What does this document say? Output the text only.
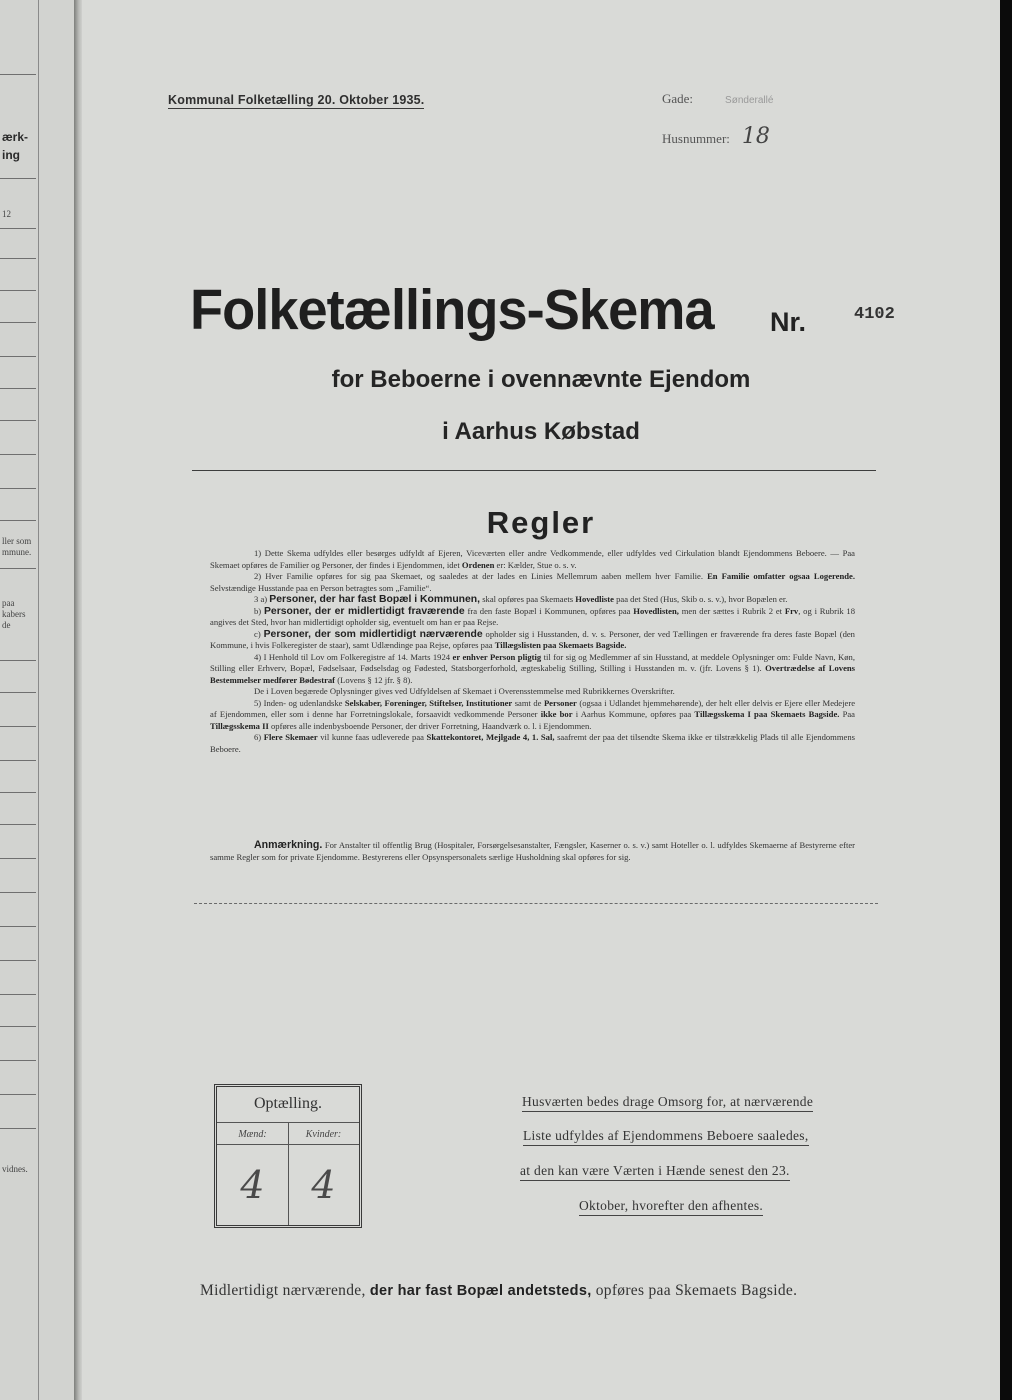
ærk-
ing
12
ller som
mmune.
paa
kabers
de
vidnes.
Kommunal Folketælling 20. Oktober 1935.	Gade:	Sønderallé
Husnummer: 18
Folketællings-Skema Nr.	4102
for Beboerne i ovennævnte Ejendom
i Aarhus Købstad
Regler

1) Dette Skema udfyldes eller besørges udfyldt af Ejeren, Viceværten eller andre Vedkommende, eller udfyldes ved Cirkulation blandt Ejendommens Beboere. — Paa Skemaet opføres de Familier og Personer, der findes i Ejendommen, idet Ordenen er: Kælder, Stue o. s. v.

2) Hver Familie opføres for sig paa Skemaet, og saaledes at der lades en Linies Mellemrum aaben mellem hver Familie. En Familie omfatter ogsaa Logerende. Selvstændige Husstande paa en Person betragtes som „Familie“.

3 a) Personer, der har fast Bopæl i Kommunen, skal opføres paa Skemaets Hovedliste paa det Sted (Hus, Skib o. s. v.), hvor Bopælen er.

b) Personer, der er midlertidigt fraværende fra den faste Bopæl i Kommunen, opføres paa Hovedlisten, men der sættes i Rubrik 2 et Frv, og i Rubrik 18 angives det Sted, hvor han midlertidigt opholder sig, eventuelt om han er paa Rejse.

c) Personer, der som midlertidigt nærværende opholder sig i Husstanden, d. v. s. Personer, der ved Tællingen er fraværende fra deres faste Bopæl (den Kommune, i hvis Folkeregister de staar), samt Udlændinge paa Rejse, opføres paa Tillægslisten paa Skemaets Bagside.

4) I Henhold til Lov om Folkeregistre af 14. Marts 1924 er enhver Person pligtig til for sig og Medlemmer af sin Husstand, at meddele Oplysninger om: Fulde Navn, Køn, Stilling eller Erhverv, Bopæl, Fødselsaar, Fødselsdag og Fødested, Statsborgerforhold, ægteskabelig Stilling, Stilling i Husstanden m. v. (jfr. Lovens § 1). Overtrædelse af Lovens Bestemmelser medfører Bødestraf (Lovens § 12 jfr. § 8).

De i Loven begærede Oplysninger gives ved Udfyldelsen af Skemaet i Overensstemmelse med Rubrikkernes Overskrifter.

5) Inden- og udenlandske Selskaber, Foreninger, Stiftelser, Institutioner samt de Personer (ogsaa i Udlandet hjemmehørende), der helt eller delvis er Ejere eller Medejere af Ejendommen, eller som i denne har Forretningslokale, forsaavidt vedkommende Personer ikke bor i Aarhus Kommune, opføres paa Tillægsskema I paa Skemaets Bagside. Paa Tillægsskema II opføres alle indenbysboende Personer, der driver Forretning, Haandværk o. l. i Ejendommen.

6) Flere Skemaer vil kunne faas udleverede paa Skattekontoret, Mejlgade 4, 1. Sal, saafremt der paa det tilsendte Skema ikke er tilstrækkelig Plads til alle Ejendommens Beboere.

Anmærkning. For Anstalter til offentlig Brug (Hospitaler, Forsørgelsesanstalter, Fængsler, Kaserner o. s. v.) samt Hoteller o. l. udfyldes Skemaerne af Bestyrerne efter samme Regler som for private Ejendomme. Bestyrerens eller Opsynspersonalets særlige Husholdning skal opføres for sig.

Optælling.
Mænd:	Kvinder:
4	4
Husværten bedes drage Omsorg for, at nærværende
Liste udfyldes af Ejendommens Beboere saaledes,
at den kan være Værten i Hænde senest den 23.
Oktober, hvorefter den afhentes.
Midlertidigt nærværende, der har fast Bopæl andetsteds, opføres paa Skemaets Bagside.
